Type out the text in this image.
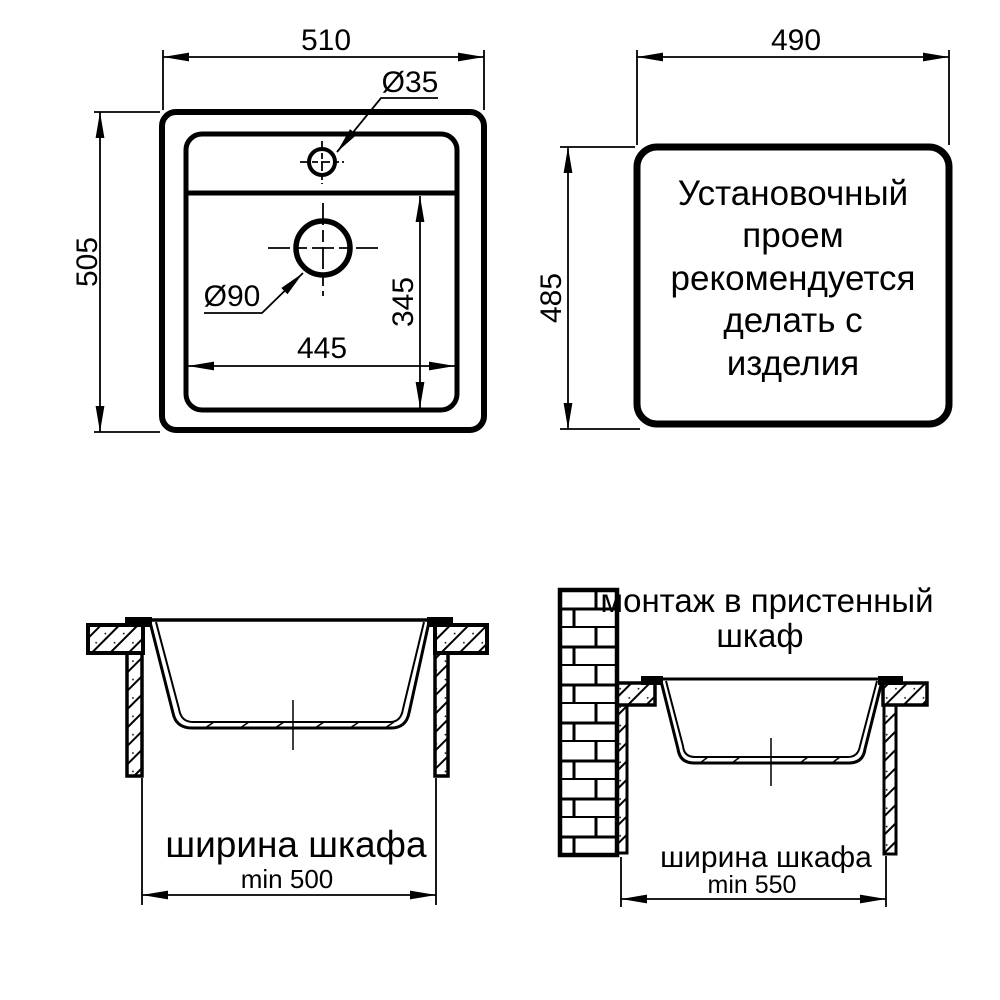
510
505
445
345
Ø35
Ø90
490
485
Установочный
проем
рекомендуется
делать с
изделия
ширина шкафа
min 500
монтаж в пристенный
шкаф
ширина шкафа
min 550
